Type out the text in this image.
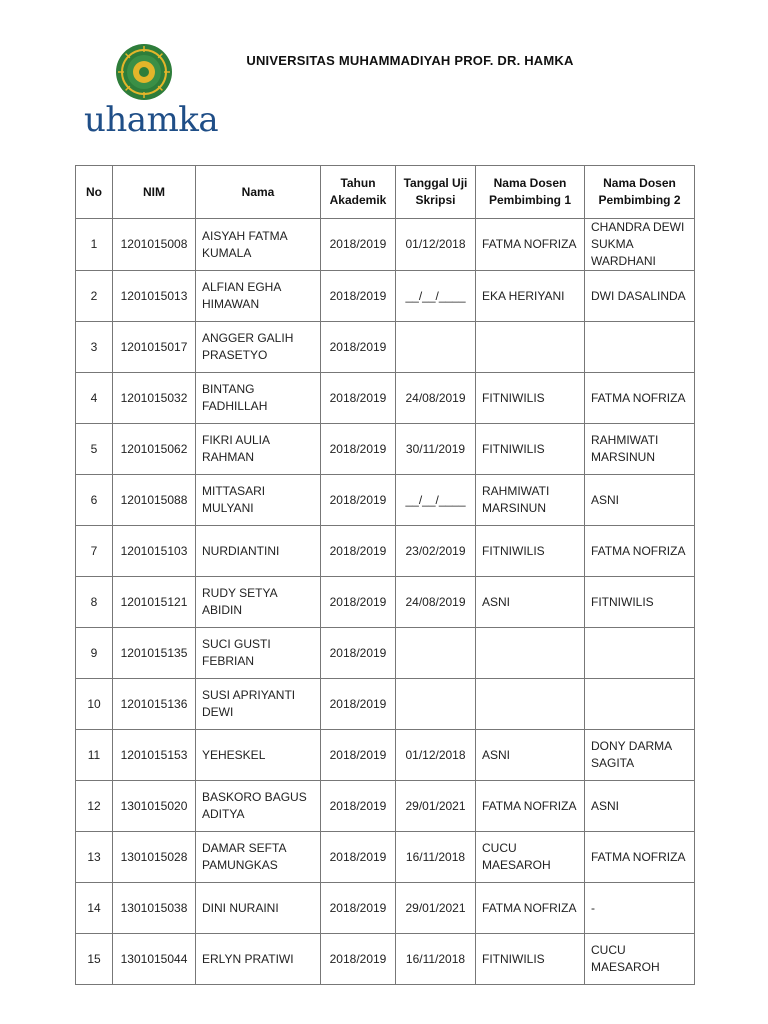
uhamka
UNIVERSITAS MUHAMMADIYAH PROF. DR. HAMKA
No	NIM	Nama	Tahun Akademik	Tanggal Uji Skripsi	Nama Dosen Pembimbing 1	Nama Dosen Pembimbing 2
1	1201015008	AISYAH FATMA KUMALA	2018/2019	01/12/2018	FATMA NOFRIZA	CHANDRA DEWI SUKMA WARDHANI
2	1201015013	ALFIAN EGHA HIMAWAN	2018/2019	__/__/____	EKA HERIYANI	DWI DASALINDA
3	1201015017	ANGGER GALIH PRASETYO	2018/2019			
4	1201015032	BINTANG FADHILLAH	2018/2019	24/08/2019	FITNIWILIS	FATMA NOFRIZA
5	1201015062	FIKRI AULIA RAHMAN	2018/2019	30/11/2019	FITNIWILIS	RAHMIWATI MARSINUN
6	1201015088	MITTASARI MULYANI	2018/2019	__/__/____	RAHMIWATI MARSINUN	ASNI
7	1201015103	NURDIANTINI	2018/2019	23/02/2019	FITNIWILIS	FATMA NOFRIZA
8	1201015121	RUDY SETYA ABIDIN	2018/2019	24/08/2019	ASNI	FITNIWILIS
9	1201015135	SUCI GUSTI FEBRIAN	2018/2019			
10	1201015136	SUSI APRIYANTI DEWI	2018/2019			
11	1201015153	YEHESKEL	2018/2019	01/12/2018	ASNI	DONY DARMA SAGITA
12	1301015020	BASKORO BAGUS ADITYA	2018/2019	29/01/2021	FATMA NOFRIZA	ASNI
13	1301015028	DAMAR SEFTA PAMUNGKAS	2018/2019	16/11/2018	CUCU MAESAROH	FATMA NOFRIZA
14	1301015038	DINI NURAINI	2018/2019	29/01/2021	FATMA NOFRIZA	-
15	1301015044	ERLYN PRATIWI	2018/2019	16/11/2018	FITNIWILIS	CUCU MAESAROH
